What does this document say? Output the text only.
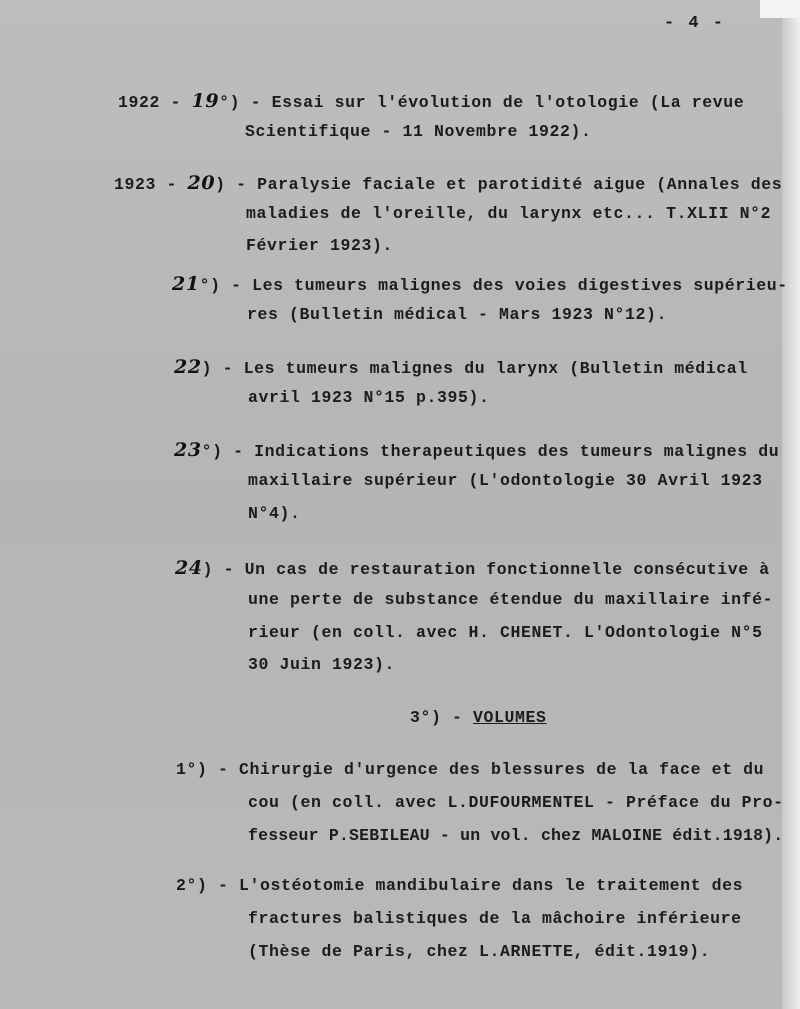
- 4 -
1922 - 19°) - Essai sur l'évolution de l'otologie (La revue
Scientifique - 11 Novembre 1922).
1923 - 20) - Paralysie faciale et parotidité aigue (Annales des
maladies de l'oreille, du larynx etc... T.XLII N°2
Février 1923).
21°) - Les tumeurs malignes des voies digestives supérieu-
res (Bulletin médical - Mars 1923 N°12).
22) - Les tumeurs malignes du larynx (Bulletin médical
avril 1923 N°15 p.395).
23°) - Indications therapeutiques des tumeurs malignes du
maxillaire supérieur (L'odontologie 30 Avril 1923
N°4).
24) - Un cas de restauration fonctionnelle consécutive à
une perte de substance étendue du maxillaire infé-
rieur (en coll. avec H. CHENET. L'Odontologie N°5
30 Juin 1923).
3°) - VOLUMES
1°) - Chirurgie d'urgence des blessures de la face et du
cou (en coll. avec L.DUFOURMENTEL - Préface du Pro-
fesseur P.SEBILEAU - un vol. chez MALOINE édit.1918).
2°) - L'ostéotomie mandibulaire dans le traitement des
fractures balistiques de la mâchoire inférieure
(Thèse de Paris, chez L.ARNETTE, édit.1919).
